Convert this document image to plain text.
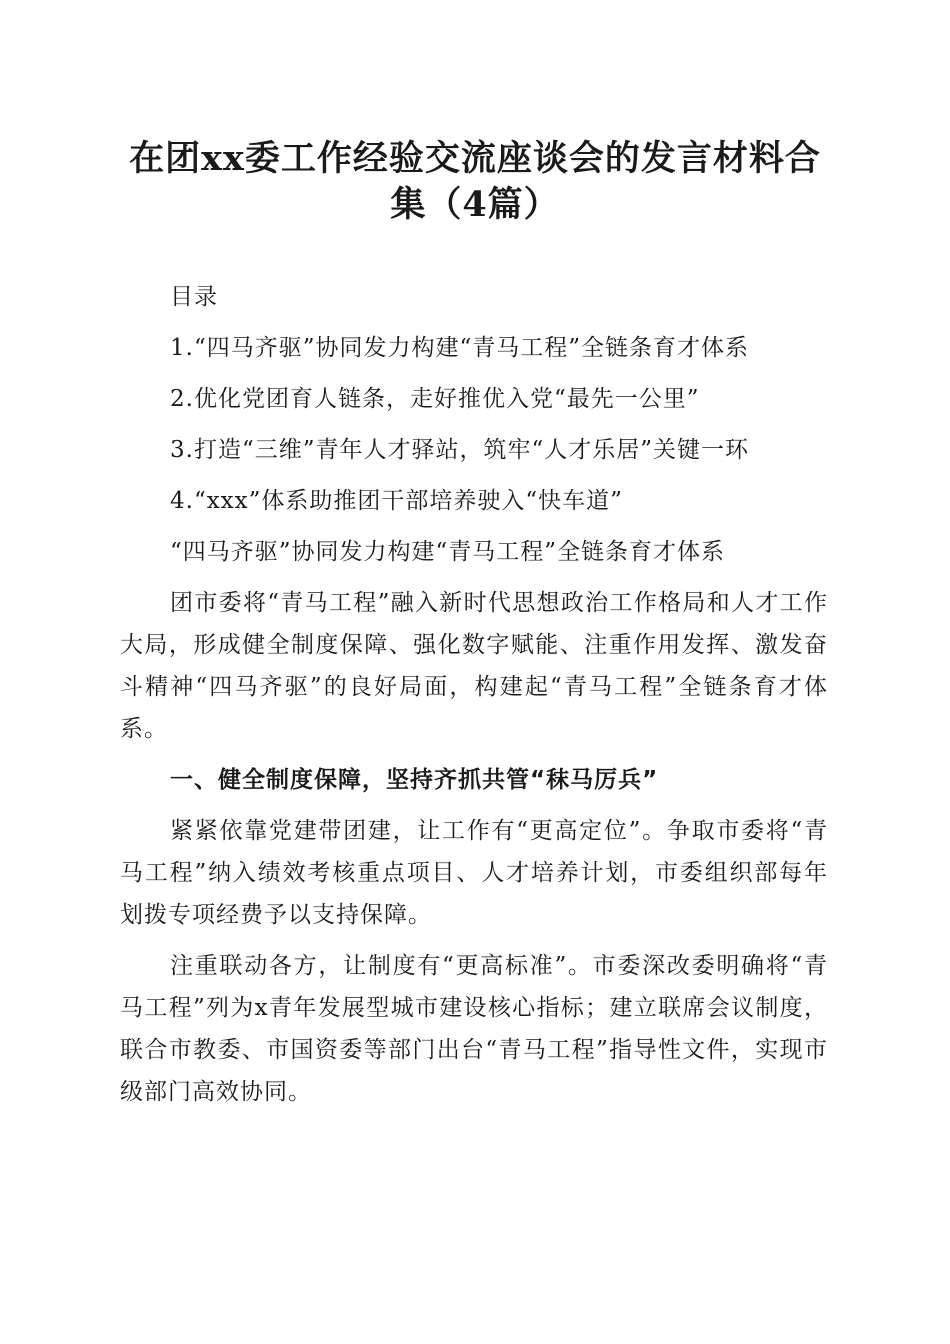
在团xx委工作经验交流座谈会的发言材料合
集（4篇）

目录

1.“四马齐驱”协同发力构建“青马工程”全链条育才体系

2.优化党团育人链条，走好推优入党“最先一公里”

3.打造“三维”青年人才驿站，筑牢“人才乐居”关键一环

4.“xxx”体系助推团干部培养驶入“快车道”

“四马齐驱”协同发力构建“青马工程”全链条育才体系

团市委将“青马工程”融入新时代思想政治工作格局和人才工作大局，形成健全制度保障、强化数字赋能、注重作用发挥、激发奋斗精神“四马齐驱”的良好局面，构建起“青马工程”全链条育才体系。

一、健全制度保障，坚持齐抓共管“秣马厉兵”

紧紧依靠党建带团建，让工作有“更高定位”。争取市委将“青马工程”纳入绩效考核重点项目、人才培养计划，市委组织部每年划拨专项经费予以支持保障。

注重联动各方，让制度有“更高标准”。市委深改委明确将“青马工程”列为x青年发展型城市建设核心指标；建立联席会议制度，联合市教委、市国资委等部门出台“青马工程”指导性文件，实现市级部门高效协同。
